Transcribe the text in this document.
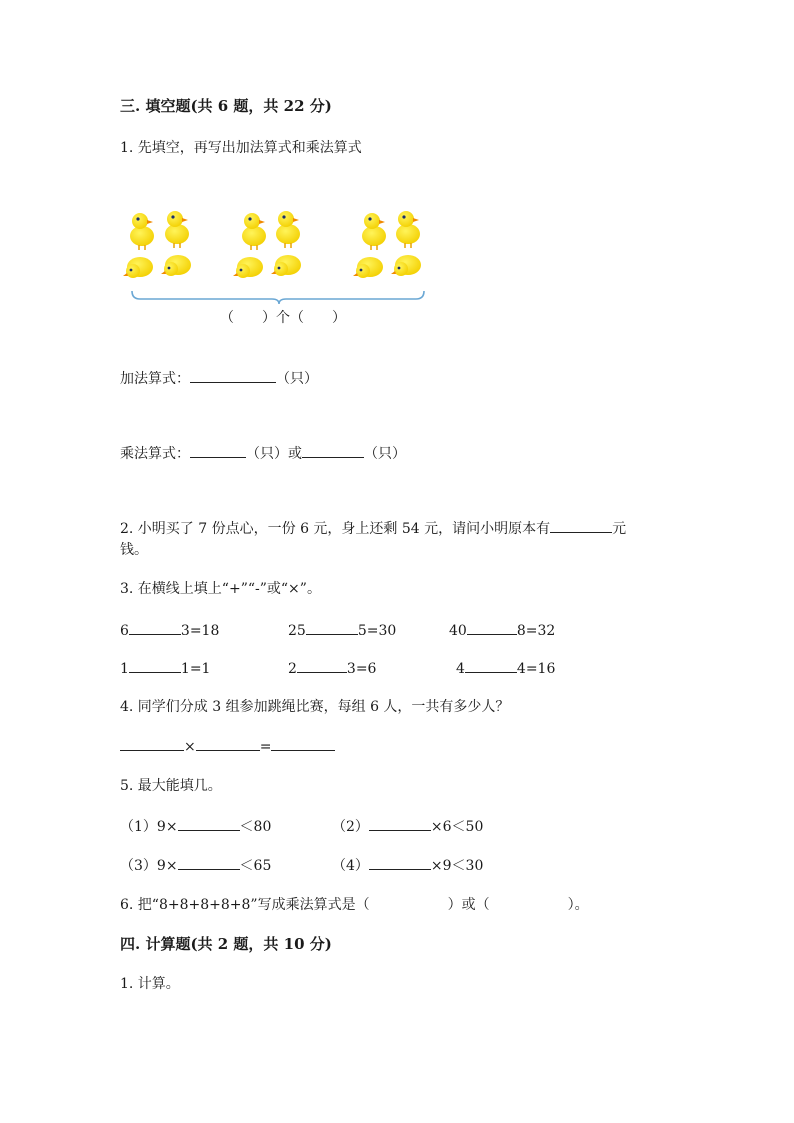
三. 填空题(共 6 题，共 22 分)
1. 先填空，再写出加法算式和乘法算式
（　　）个（　　）
加法算式：	（只）
乘法算式：	（只）或	（只）
2. 小明买了 7 份点心，一份 6 元，身上还剩 54 元，请问小明原本有	元
钱。
3. 在横线上填上“+”“-”或“×”。
6	3=18	25	5=30	40	8=32
1	1=1	2	3=6	4	4=16
4. 同学们分成 3 组参加跳绳比赛，每组 6 人，一共有多少人？
×	=
5. 最大能填几。
（1）9×	＜80	（2）	×6＜50
（3）9×	＜65	（4）	×9＜30
6. 把“8+8+8+8+8”写成乘法算式是（	）或（	）。
四. 计算题(共 2 题，共 10 分)
1. 计算。
